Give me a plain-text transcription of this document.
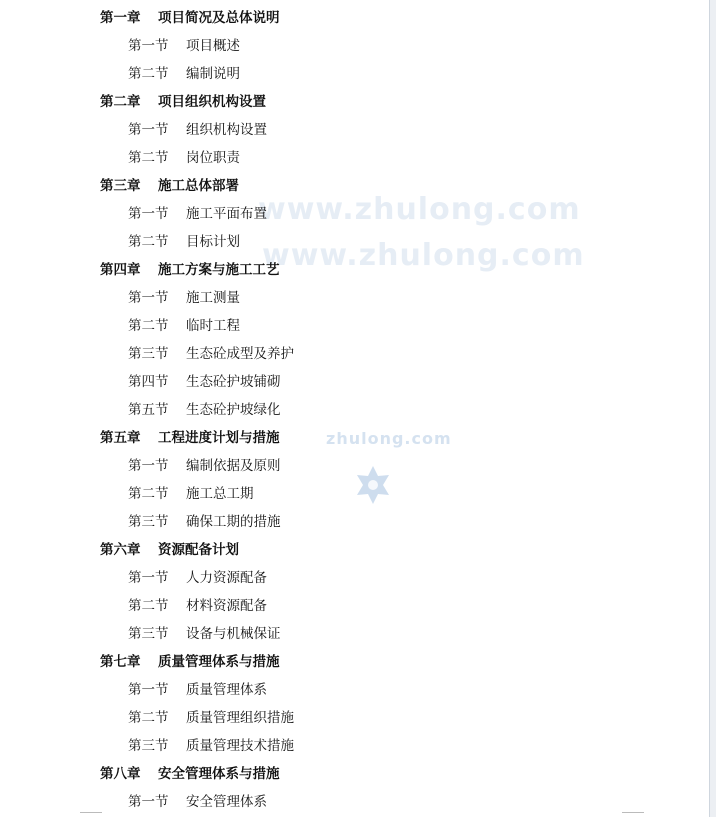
www.zhulong.com
www.zhulong.com
zhulong.com
第一章 项目简况及总体说明
第一节 项目概述
第二节 编制说明
第二章 项目组织机构设置
第一节 组织机构设置
第二节 岗位职责
第三章 施工总体部署
第一节 施工平面布置
第二节 目标计划
第四章 施工方案与施工工艺
第一节 施工测量
第二节 临时工程
第三节 生态砼成型及养护
第四节 生态砼护坡铺砌
第五节 生态砼护坡绿化
第五章 工程进度计划与措施
第一节 编制依据及原则
第二节 施工总工期
第三节 确保工期的措施
第六章 资源配备计划
第一节 人力资源配备
第二节 材料资源配备
第三节 设备与机械保证
第七章 质量管理体系与措施
第一节 质量管理体系
第二节 质量管理组织措施
第三节 质量管理技术措施
第八章 安全管理体系与措施
第一节 安全管理体系
